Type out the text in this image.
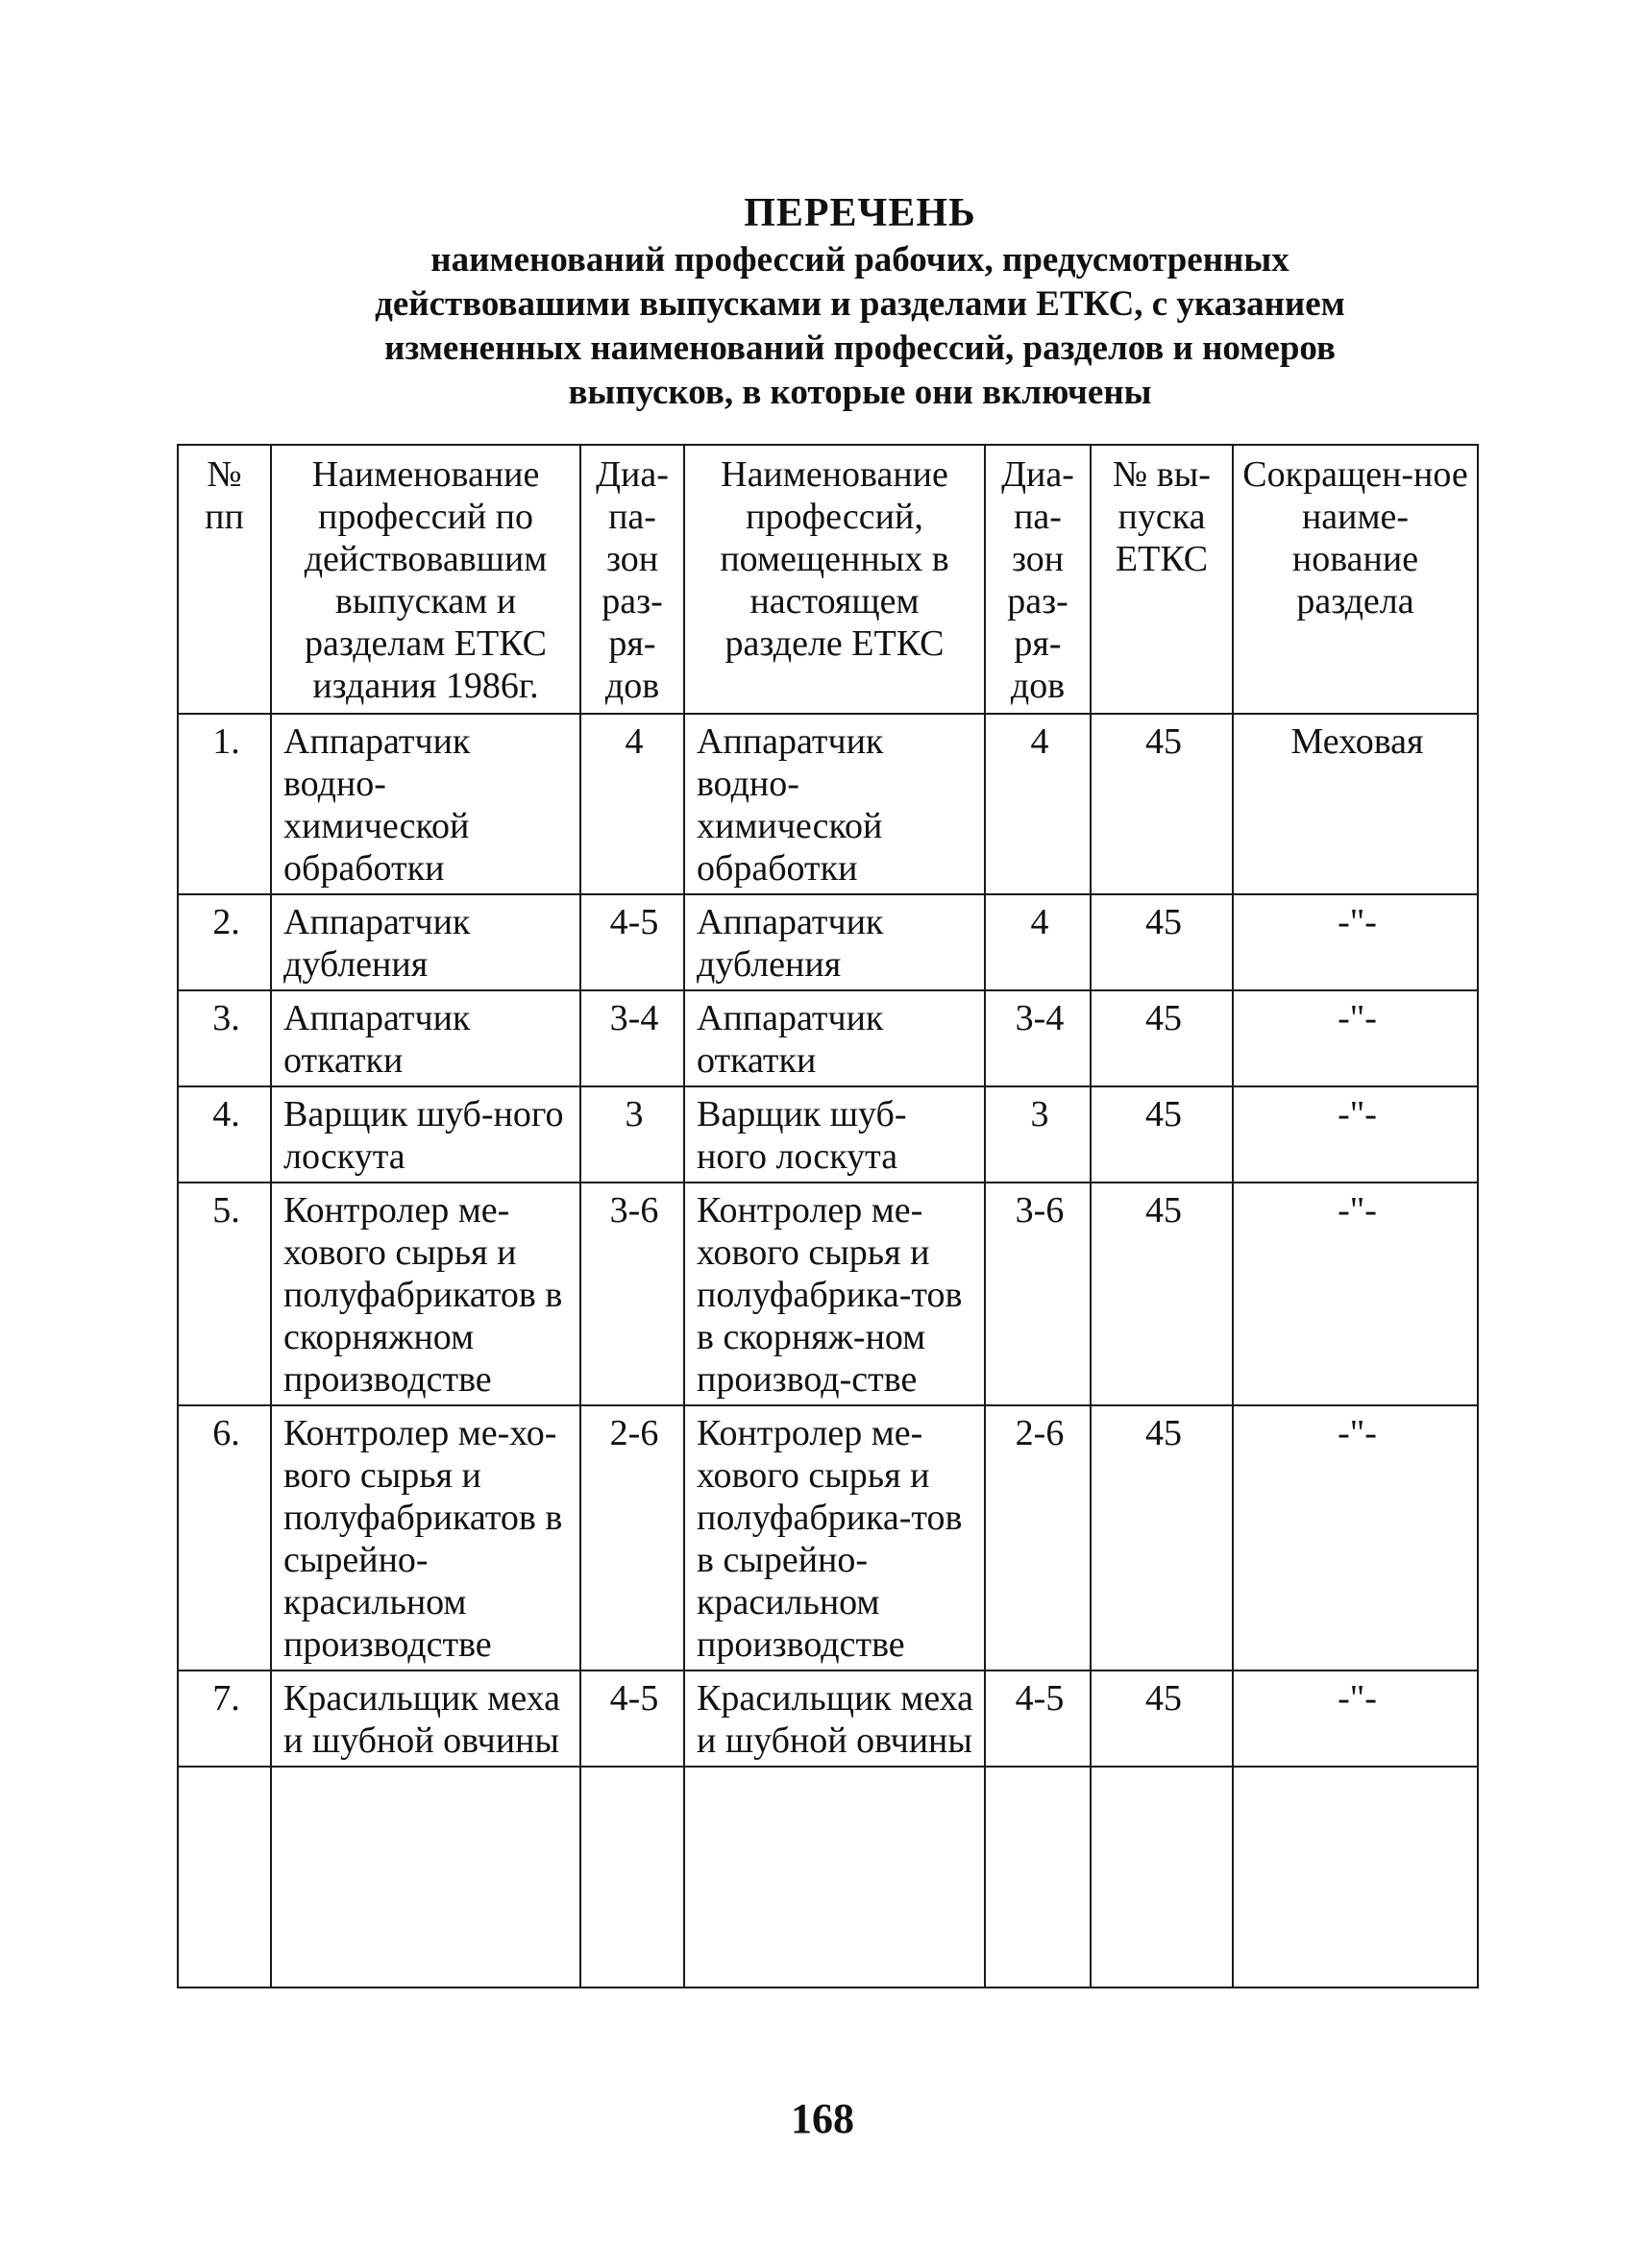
ПЕРЕЧЕНЬ
наименований профессий рабочих, предусмотренных
действовашими выпусками и разделами ЕТКС, с указанием
измененных наименований профессий, разделов и номеров
выпусков, в которые они включены
№ пп	Наименование профессий по действовавшим выпускам и разделам ЕТКС издания 1986г.	Диа-па-зон раз-ря-дов	Наименование профессий, помещенных в настоящем разделе ЕТКС	Диа-па-зон раз-ря-дов	№ вы-пуска ЕТКС	Сокращен-ное наиме-нование раздела
1.	Аппаратчик водно-химической обработки	4	Аппаратчик водно-химической обработки	4	45	Меховая
2.	Аппаратчик дубления	4-5	Аппаратчик дубления	4	45	-"-
3.	Аппаратчик откатки	3-4	Аппаратчик откатки	3-4	45	-"-
4.	Варщик шуб-ного лоскута	3	Варщик шуб-ного лоскута	3	45	-"-
5.	Контролер ме-хового сырья и полуфабрикатов в скорняжном производстве	3-6	Контролер ме-хового сырья и полуфабрика-тов в скорняж-ном производ-стве	3-6	45	-"-
6.	Контролер ме-хо-вого сырья и полуфабрикатов в сырейно-красильном производстве	2-6	Контролер ме-хового сырья и полуфабрика-тов в сырейно-красильном производстве	2-6	45	-"-
7.	Красильщик меха и шубной овчины	4-5	Красильщик меха и шубной овчины	4-5	45	-"-

168
